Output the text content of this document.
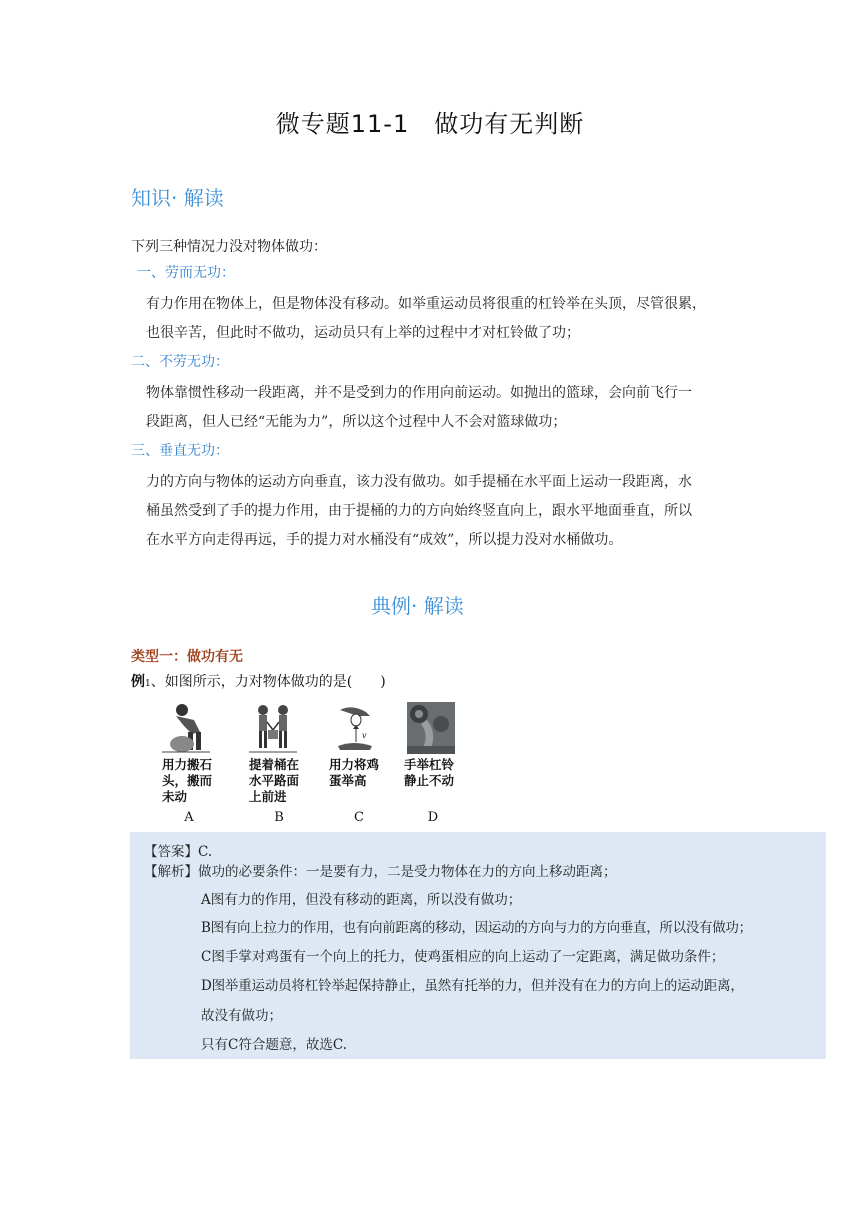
微专题11-1　做功有无判断
知识· 解读
下列三种情况力没对物体做功：
一、劳而无功：
有力作用在物体上，但是物体没有移动。如举重运动员将很重的杠铃举在头顶，尽管很累，
也很辛苦，但此时不做功，运动员只有上举的过程中才对杠铃做了功；
二、不劳无功：
物体靠惯性移动一段距离，并不是受到力的作用向前运动。如抛出的篮球，会向前飞行一
段距离，但人已经“无能为力”，所以这个过程中人不会对篮球做功；
三、垂直无功：
力的方向与物体的运动方向垂直，该力没有做功。如手提桶在水平面上运动一段距离，水
桶虽然受到了手的提力作用，由于提桶的力的方向始终竖直向上，跟水平地面垂直，所以
在水平方向走得再远，手的提力对水桶没有“成效”，所以提力没对水桶做功。
典例· 解读
类型一：做功有无
例1、如图所示，力对物体做功的是(　　)
用力搬石
头，搬而
未动
A
提着桶在
水平路面
上前进
B
v
用力将鸡
蛋举高
C
手举杠铃
静止不动
D
【答案】C.
【解析】做功的必要条件：一是要有力，二是受力物体在力的方向上移动距离；
A图有力的作用，但没有移动的距离，所以没有做功；
B图有向上拉力的作用，也有向前距离的移动，因运动的方向与力的方向垂直，所以没有做功；
C图手掌对鸡蛋有一个向上的托力，使鸡蛋相应的向上运动了一定距离，满足做功条件；
D图举重运动员将杠铃举起保持静止，虽然有托举的力，但并没有在力的方向上的运动距离，
故没有做功；
只有C符合题意，故选C.
